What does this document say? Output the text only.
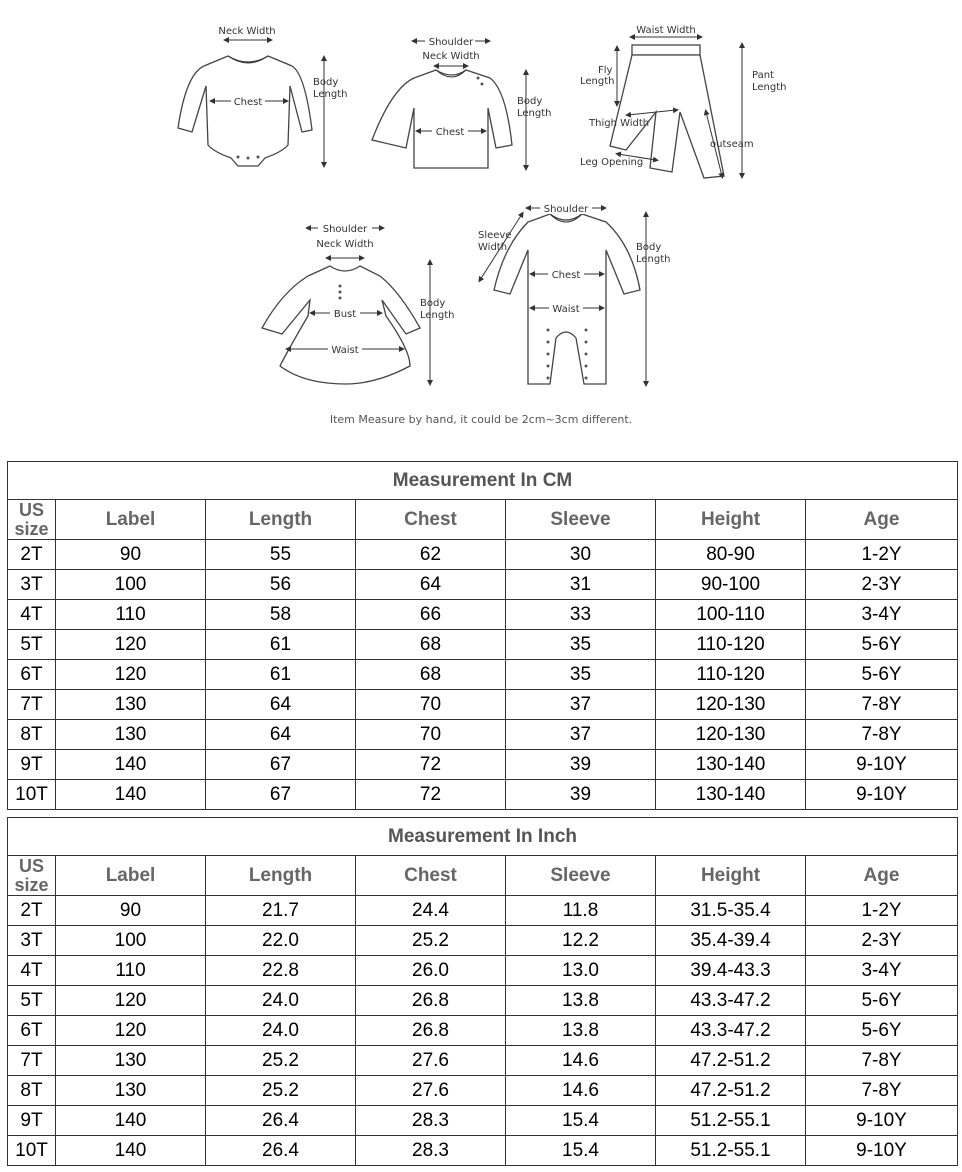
Neck Width
Chest
Body
Length
Shoulder
Neck Width
Chest
Body
Length
Waist Width
Fly
Length
Pant
Length
Thigh Width
outseam
Leg Opening
Shoulder
Neck Width
Bust
Waist
Body
Length
Shoulder
Sleeve
Width
Chest
Waist
Body
Length
Item Measure by hand, it could be 2cm~3cm different.
Measurement In CM						
US
size	Label	Length	Chest	Sleeve	Height	Age
2T	90	55	62	30	80-90	1-2Y
3T	100	56	64	31	90-100	2-3Y
4T	110	58	66	33	100-110	3-4Y
5T	120	61	68	35	110-120	5-6Y
6T	120	61	68	35	110-120	5-6Y
7T	130	64	70	37	120-130	7-8Y
8T	130	64	70	37	120-130	7-8Y
9T	140	67	72	39	130-140	9-10Y
10T	140	67	72	39	130-140	9-10Y
Measurement In Inch						
US
size	Label	Length	Chest	Sleeve	Height	Age
2T	90	21.7	24.4	11.8	31.5-35.4	1-2Y
3T	100	22.0	25.2	12.2	35.4-39.4	2-3Y
4T	110	22.8	26.0	13.0	39.4-43.3	3-4Y
5T	120	24.0	26.8	13.8	43.3-47.2	5-6Y
6T	120	24.0	26.8	13.8	43.3-47.2	5-6Y
7T	130	25.2	27.6	14.6	47.2-51.2	7-8Y
8T	130	25.2	27.6	14.6	47.2-51.2	7-8Y
9T	140	26.4	28.3	15.4	51.2-55.1	9-10Y
10T	140	26.4	28.3	15.4	51.2-55.1	9-10Y
